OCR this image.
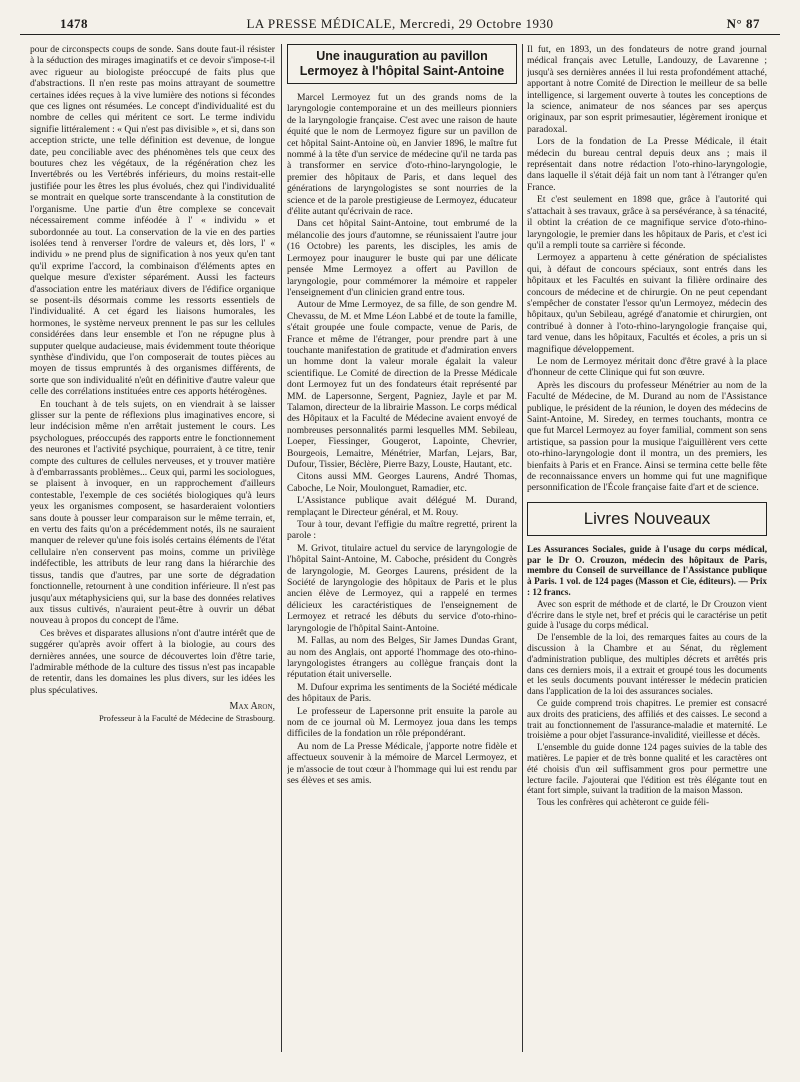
1478	LA PRESSE MÉDICALE, Mercredi, 29 Octobre 1930	N° 87

pour de circonspects coups de sonde. Sans doute faut-il résister à la séduction des mirages imaginatifs et ce devoir s'impose-t-il avec rigueur au biologiste préoccupé de faits plus que d'abstractions. Il n'en reste pas moins attrayant de soumettre certaines idées reçues à la vive lumière des notions si fécondes que ces lignes ont résumées. Le concept d'individualité est du nombre de celles qui méritent ce sort. Le terme individu signifie littéralement : « Qui n'est pas divisible », et si, dans son acception stricte, une telle définition est devenue, de longue date, peu conciliable avec des phénomènes tels que ceux des boutures chez les végétaux, de la régénération chez les Invertébrés ou les Vertébrés inférieurs, du moins restait-elle justifiée pour les êtres les plus évolués, chez qui l'individualité se montrait en quelque sorte transcendante à la constitution de l'organisme. Une partie d'un être complexe se concevait nécessairement comme inféodée à l' « individu » et subordonnée au tout. La conservation de la vie en des parties isolées tend à renverser l'ordre de valeurs et, dès lors, l' « individu » ne prend plus de signification à nos yeux qu'en tant qu'il exprime l'accord, la combinaison d'éléments aptes en quelque mesure d'exister séparément. Aussi les facteurs d'association entre les matériaux divers de l'édifice organique se posent-ils désormais comme les ressorts essentiels de l'individualité. A cet égard les liaisons humorales, les hormones, le système nerveux prennent le pas sur les cellules considérées dans leur ensemble et l'on ne répugne plus à supputer quelque audacieuse, mais évidemment toute théorique synthèse d'individu, que l'on composerait de toutes pièces au moyen de tissus empruntés à des organismes différents, de sorte que son individualité n'eût en définitive d'autre valeur que celle des corrélations instituées entre ces apports hétérogènes.

En touchant à de tels sujets, on en viendrait à se laisser glisser sur la pente de réflexions plus imaginatives encore, si leur indécision même n'en arrêtait justement le cours. Les psychologues, préoccupés des rapports entre le fonctionnement des neurones et l'activité psychique, pourraient, à ce titre, tenir compte des cultures de cellules nerveuses, et y trouver matière à d'embarrassants problèmes... Ceux qui, parmi les sociologues, se plaisent à invoquer, en un rapprochement d'ailleurs contestable, l'exemple de ces sociétés biologiques qu'à leurs yeux les organismes composent, se hasarderaient volontiers sans doute à pousser leur comparaison sur le même terrain, et, en vertu des faits qu'on a précédemment notés, ils ne sauraient manquer de relever qu'une fois isolés certains éléments de l'état cellulaire n'en conservent pas moins, comme un privilège indéfectible, les attributs de leur rang dans la hiérarchie des tissus, tandis que d'autres, par une sorte de dégradation fonctionnelle, retournent à une condition inférieure. Il n'est pas jusqu'aux métaphysiciens qui, sur la base des données relatives aux tissus cultivés, n'auraient peut-être à ouvrir un débat nouveau à propos du concept de l'âme.

Ces brèves et disparates allusions n'ont d'autre intérêt que de suggérer qu'après avoir offert à la biologie, au cours des dernières années, une source de découvertes loin d'être tarie, l'admirable méthode de la culture des tissus n'est pas incapable de retentir, dans les domaines les plus divers, sur les idées les plus spéculatives.

Max Aron,
Professeur à la Faculté de Médecine de Strasbourg.
Une inauguration au pavillon Lermoyez à l'hôpital Saint-Antoine

Marcel Lermoyez fut un des grands noms de la laryngologie contemporaine et un des meilleurs pionniers de la laryngologie française. C'est avec une raison de haute équité que le nom de Lermoyez figure sur un pavillon de cet hôpital Saint-Antoine où, en Janvier 1896, le maître fut nommé à la tête d'un service de médecine qu'il ne tarda pas à transformer en service d'oto-rhino-laryngologie, le premier des hôpitaux de Paris, et dans lequel des générations de laryngologistes se sont nourries de la science et de la parole prestigieuse de Lermoyez, éducateur d'élite autant qu'écrivain de race.

Dans cet hôpital Saint-Antoine, tout embrumé de la mélancolie des jours d'automne, se réunissaient l'autre jour (16 Octobre) les parents, les disciples, les amis de Lermoyez pour inaugurer le buste qui par une délicate pensée Mme Lermoyez a offert au Pavillon de laryngologie, pour commémorer la mémoire et rappeler l'enseignement d'un clinicien grand entre tous.

Autour de Mme Lermoyez, de sa fille, de son gendre M. Chevassu, de M. et Mme Léon Labbé et de toute la famille, s'était groupée une foule compacte, venue de Paris, de France et même de l'étranger, pour prendre part à une touchante manifestation de gratitude et d'admiration envers un homme dont la valeur morale égalait la valeur scientifique. Le Comité de direction de la Presse Médicale dont Lermoyez fut un des fondateurs était représenté par MM. de Lapersonne, Sergent, Pagniez, Jayle et par M. Talamon, directeur de la librairie Masson. Le corps médical des Hôpitaux et la Faculté de Médecine avaient envoyé de nombreuses personnalités parmi lesquelles MM. Sebileau, Loeper, Fiessinger, Gougerot, Lapointe, Chevrier, Bourgeois, Lemaitre, Ménétrier, Marfan, Lejars, Bar, Dufour, Tissier, Béclère, Pierre Bazy, Louste, Hautant, etc.

Citons aussi MM. Georges Laurens, André Thomas, Caboche, Le Noir, Moulonguet, Ramadier, etc.

L'Assistance publique avait délégué M. Durand, remplaçant le Directeur général, et M. Rouy.

Tour à tour, devant l'effigie du maître regretté, prirent la parole :

M. Grivot, titulaire actuel du service de laryngologie de l'hôpital Saint-Antoine, M. Caboche, président du Congrès de laryngologie, M. Georges Laurens, président de la Société de laryngologie des hôpitaux de Paris et le plus ancien élève de Lermoyez, qui a rappelé en termes délicieux les caractéristiques de l'enseignement de Lermoyez et retracé les débuts du service d'oto-rhino-laryngologie de l'hôpital Saint-Antoine.

M. Fallas, au nom des Belges, Sir James Dundas Grant, au nom des Anglais, ont apporté l'hommage des oto-rhino-laryngologistes étrangers au collègue français dont la réputation était universelle.

M. Dufour exprima les sentiments de la Société médicale des hôpitaux de Paris.

Le professeur de Lapersonne prit ensuite la parole au nom de ce journal où M. Lermoyez joua dans les temps difficiles de la fondation un rôle prépondérant.

Au nom de La Presse Médicale, j'apporte notre fidèle et affectueux souvenir à la mémoire de Marcel Lermoyez, et je m'associe de tout cœur à l'hommage qui lui est rendu par ses élèves et ses amis.

Il fut, en 1893, un des fondateurs de notre grand journal médical français avec Letulle, Landouzy, de Lavarenne ; jusqu'à ses dernières années il lui resta profondément attaché, apportant à notre Comité de Direction le meilleur de sa belle intelligence, si largement ouverte à toutes les conceptions de la science, animateur de nos séances par ses aperçus originaux, par son esprit primesautier, légèrement ironique et paradoxal.

Lors de la fondation de La Presse Médicale, il était médecin du bureau central depuis deux ans ; mais il représentait dans notre rédaction l'oto-rhino-laryngologie, dans laquelle il s'était déjà fait un nom tant à l'étranger qu'en France.

Et c'est seulement en 1898 que, grâce à l'autorité qui s'attachait à ses travaux, grâce à sa persévérance, à sa ténacité, il obtint la création de ce magnifique service d'oto-rhino-laryngologie, le premier dans les hôpitaux de Paris, et c'est ici qu'il a rempli toute sa carrière si féconde.

Lermoyez a appartenu à cette génération de spécialistes qui, à défaut de concours spéciaux, sont entrés dans les hôpitaux et les Facultés en suivant la filière ordinaire des concours de médecine et de chirurgie. On ne peut cependant s'empêcher de constater l'essor qu'un Lermoyez, médecin des hôpitaux, qu'un Sebileau, agrégé d'anatomie et chirurgien, ont contribué à donner à l'oto-rhino-laryngologie française qui, tard venue, dans les hôpitaux, Facultés et écoles, a pris un si magnifique développement.

Le nom de Lermoyez méritait donc d'être gravé à la place d'honneur de cette Clinique qui fut son œuvre.

Après les discours du professeur Ménétrier au nom de la Faculté de Médecine, de M. Durand au nom de l'Assistance publique, le président de la réunion, le doyen des médecins de Saint-Antoine, M. Siredey, en termes touchants, montra ce que fut Marcel Lermoyez au foyer familial, comment son sens artistique, sa passion pour la musique l'aiguillèrent vers cette oto-rhino-laryngologie dont il montra, un des premiers, les bienfaits à Paris et en France. Ainsi se termina cette belle fête de reconnaissance envers un homme qui fut une magnifique personnification de l'École française faite d'art et de science.

Livres Nouveaux

Les Assurances Sociales, guide à l'usage du corps médical, par le Dr O. Crouzon, médecin des hôpitaux de Paris, membre du Conseil de surveillance de l'Assistance publique à Paris. 1 vol. de 124 pages (Masson et Cie, éditeurs). — Prix : 12 francs.

Avec son esprit de méthode et de clarté, le Dr Crouzon vient d'écrire dans le style net, bref et précis qui le caractérise un petit guide à l'usage du corps médical.

De l'ensemble de la loi, des remarques faites au cours de la discussion à la Chambre et au Sénat, du règlement d'administration publique, des multiples décrets et arrêtés pris dans ces derniers mois, il a extrait et groupé tous les documents et les seuls documents pouvant intéresser le médecin praticien dans l'application de la loi des assurances sociales.

Ce guide comprend trois chapitres. Le premier est consacré aux droits des praticiens, des affiliés et des caisses. Le second a trait au fonctionnement de l'assurance-maladie et maternité. Le troisième a pour objet l'assurance-invalidité, vieillesse et décès.

L'ensemble du guide donne 124 pages suivies de la table des matières. Le papier et de très bonne qualité et les caractères ont été choisis d'un œil suffisamment gros pour permettre une lecture facile. J'ajouterai que l'édition est très élégante tout en étant fort simple, suivant la tradition de la maison Masson.

Tous les confrères qui achèteront ce guide féli-
